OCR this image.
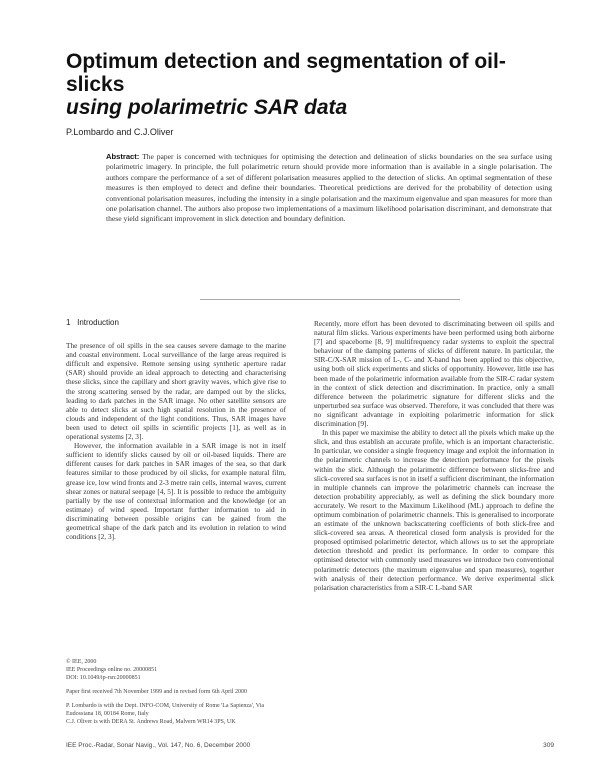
Optimum detection and segmentation of oil-slicks
using polarimetric SAR data
P.Lombardo and C.J.Oliver

Abstract: The paper is concerned with techniques for optimising the detection and delineation of slicks boundaries on the sea surface using polarimetric imagery. In principle, the full polarimetric return should provide more information than is available in a single polarisation. The authors compare the performance of a set of different polarisation measures applied to the detection of slicks. An optimal segmentation of these measures is then employed to detect and define their boundaries. Theoretical predictions are derived for the probability of detection using conventional polarisation measures, including the intensity in a single polarisation and the maximum eigenvalue and span measures for more than one polarisation channel. The authors also propose two implementations of a maximum likelihood polarisation discriminant, and demonstrate that these yield significant improvement in slick detection and boundary definition.

1 Introduction

The presence of oil spills in the sea causes severe damage to the marine and coastal environment. Local surveillance of the large areas required is difficult and expensive. Remote sensing using synthetic aperture radar (SAR) should provide an ideal approach to detecting and characterising these slicks, since the capillary and short gravity waves, which give rise to the strong scattering sensed by the radar, are damped out by the slicks, leading to dark patches in the SAR image. No other satellite sensors are able to detect slicks at such high spatial resolution in the presence of clouds and independent of the light conditions. Thus, SAR images have been used to detect oil spills in scientific projects [1], as well as in operational systems [2, 3].

However, the information available in a SAR image is not in itself sufficient to identify slicks caused by oil or oil-based liquids. There are different causes for dark patches in SAR images of the sea, so that dark features similar to those produced by oil slicks, for example natural film, grease ice, low wind fronts and 2-3 metre rain cells, internal waves, current shear zones or natural seepage [4, 5]. It is possible to reduce the ambiguity partially by the use of contextual information and the knowledge (or an estimate) of wind speed. Important further information to aid in discriminating between possible origins can be gained from the geometrical shape of the dark patch and its evolution in relation to wind conditions [2, 3].

Recently, more effort has been devoted to discriminating between oil spills and natural film slicks. Various experiments have been performed using both airborne [7] and spaceborne [8, 9] multifrequency radar systems to exploit the spectral behaviour of the damping patterns of slicks of different nature. In particular, the SIR-C/X-SAR mission of L-, C- and X-band has been applied to this objective, using both oil slick experiments and slicks of opportunity. However, little use has been made of the polarimetric information available from the SIR-C radar system in the context of slick detection and discrimination. In practice, only a small difference between the polarimetric signature for different slicks and the unperturbed sea surface was observed. Therefore, it was concluded that there was no significant advantage in exploiting polarimetric information for slick discrimination [9].

In this paper we maximise the ability to detect all the pixels which make up the slick, and thus establish an accurate profile, which is an important characteristic. In particular, we consider a single frequency image and exploit the information in the polarimetric channels to increase the detection performance for the pixels within the slick. Although the polarimetric difference between slicks-free and slick-covered sea surfaces is not in itself a sufficient discriminant, the information in multiple channels can improve the polarimetric channels can increase the detection probability appreciably, as well as defining the slick boundary more accurately. We resort to the Maximum Likelihood (ML) approach to define the optimum combination of polarimetric channels. This is generalised to incorporate an estimate of the unknown backscattering coefficients of both slick-free and slick-covered sea areas. A theoretical closed form analysis is provided for the proposed optimised polarimetric detector, which allows us to set the appropriate detection threshold and predict its performance. In order to compare this optimised detector with commonly used measures we introduce two conventional polarimetric detectors (the maximum eigenvalue and span measures), together with analysis of their detection performance. We derive experimental slick polarisation characteristics from a SIR-C L-band SAR

© IEE, 2000
IEE Proceedings online no. 20000851
DOI: 10.1049/ip-rsn:20000851
Paper first received 7th November 1999 and in revised form 6th April 2000
P. Lombardo is with the Dept. INFO-COM, University of Rome 'La Sapienza', Via Eudossiana 18, 00184 Rome, Italy
C.J. Oliver is with DERA St. Andrews Road, Malvern WR14 3PS, UK
IEE Proc.-Radar, Sonar Navig., Vol. 147, No. 6, December 2000	309
